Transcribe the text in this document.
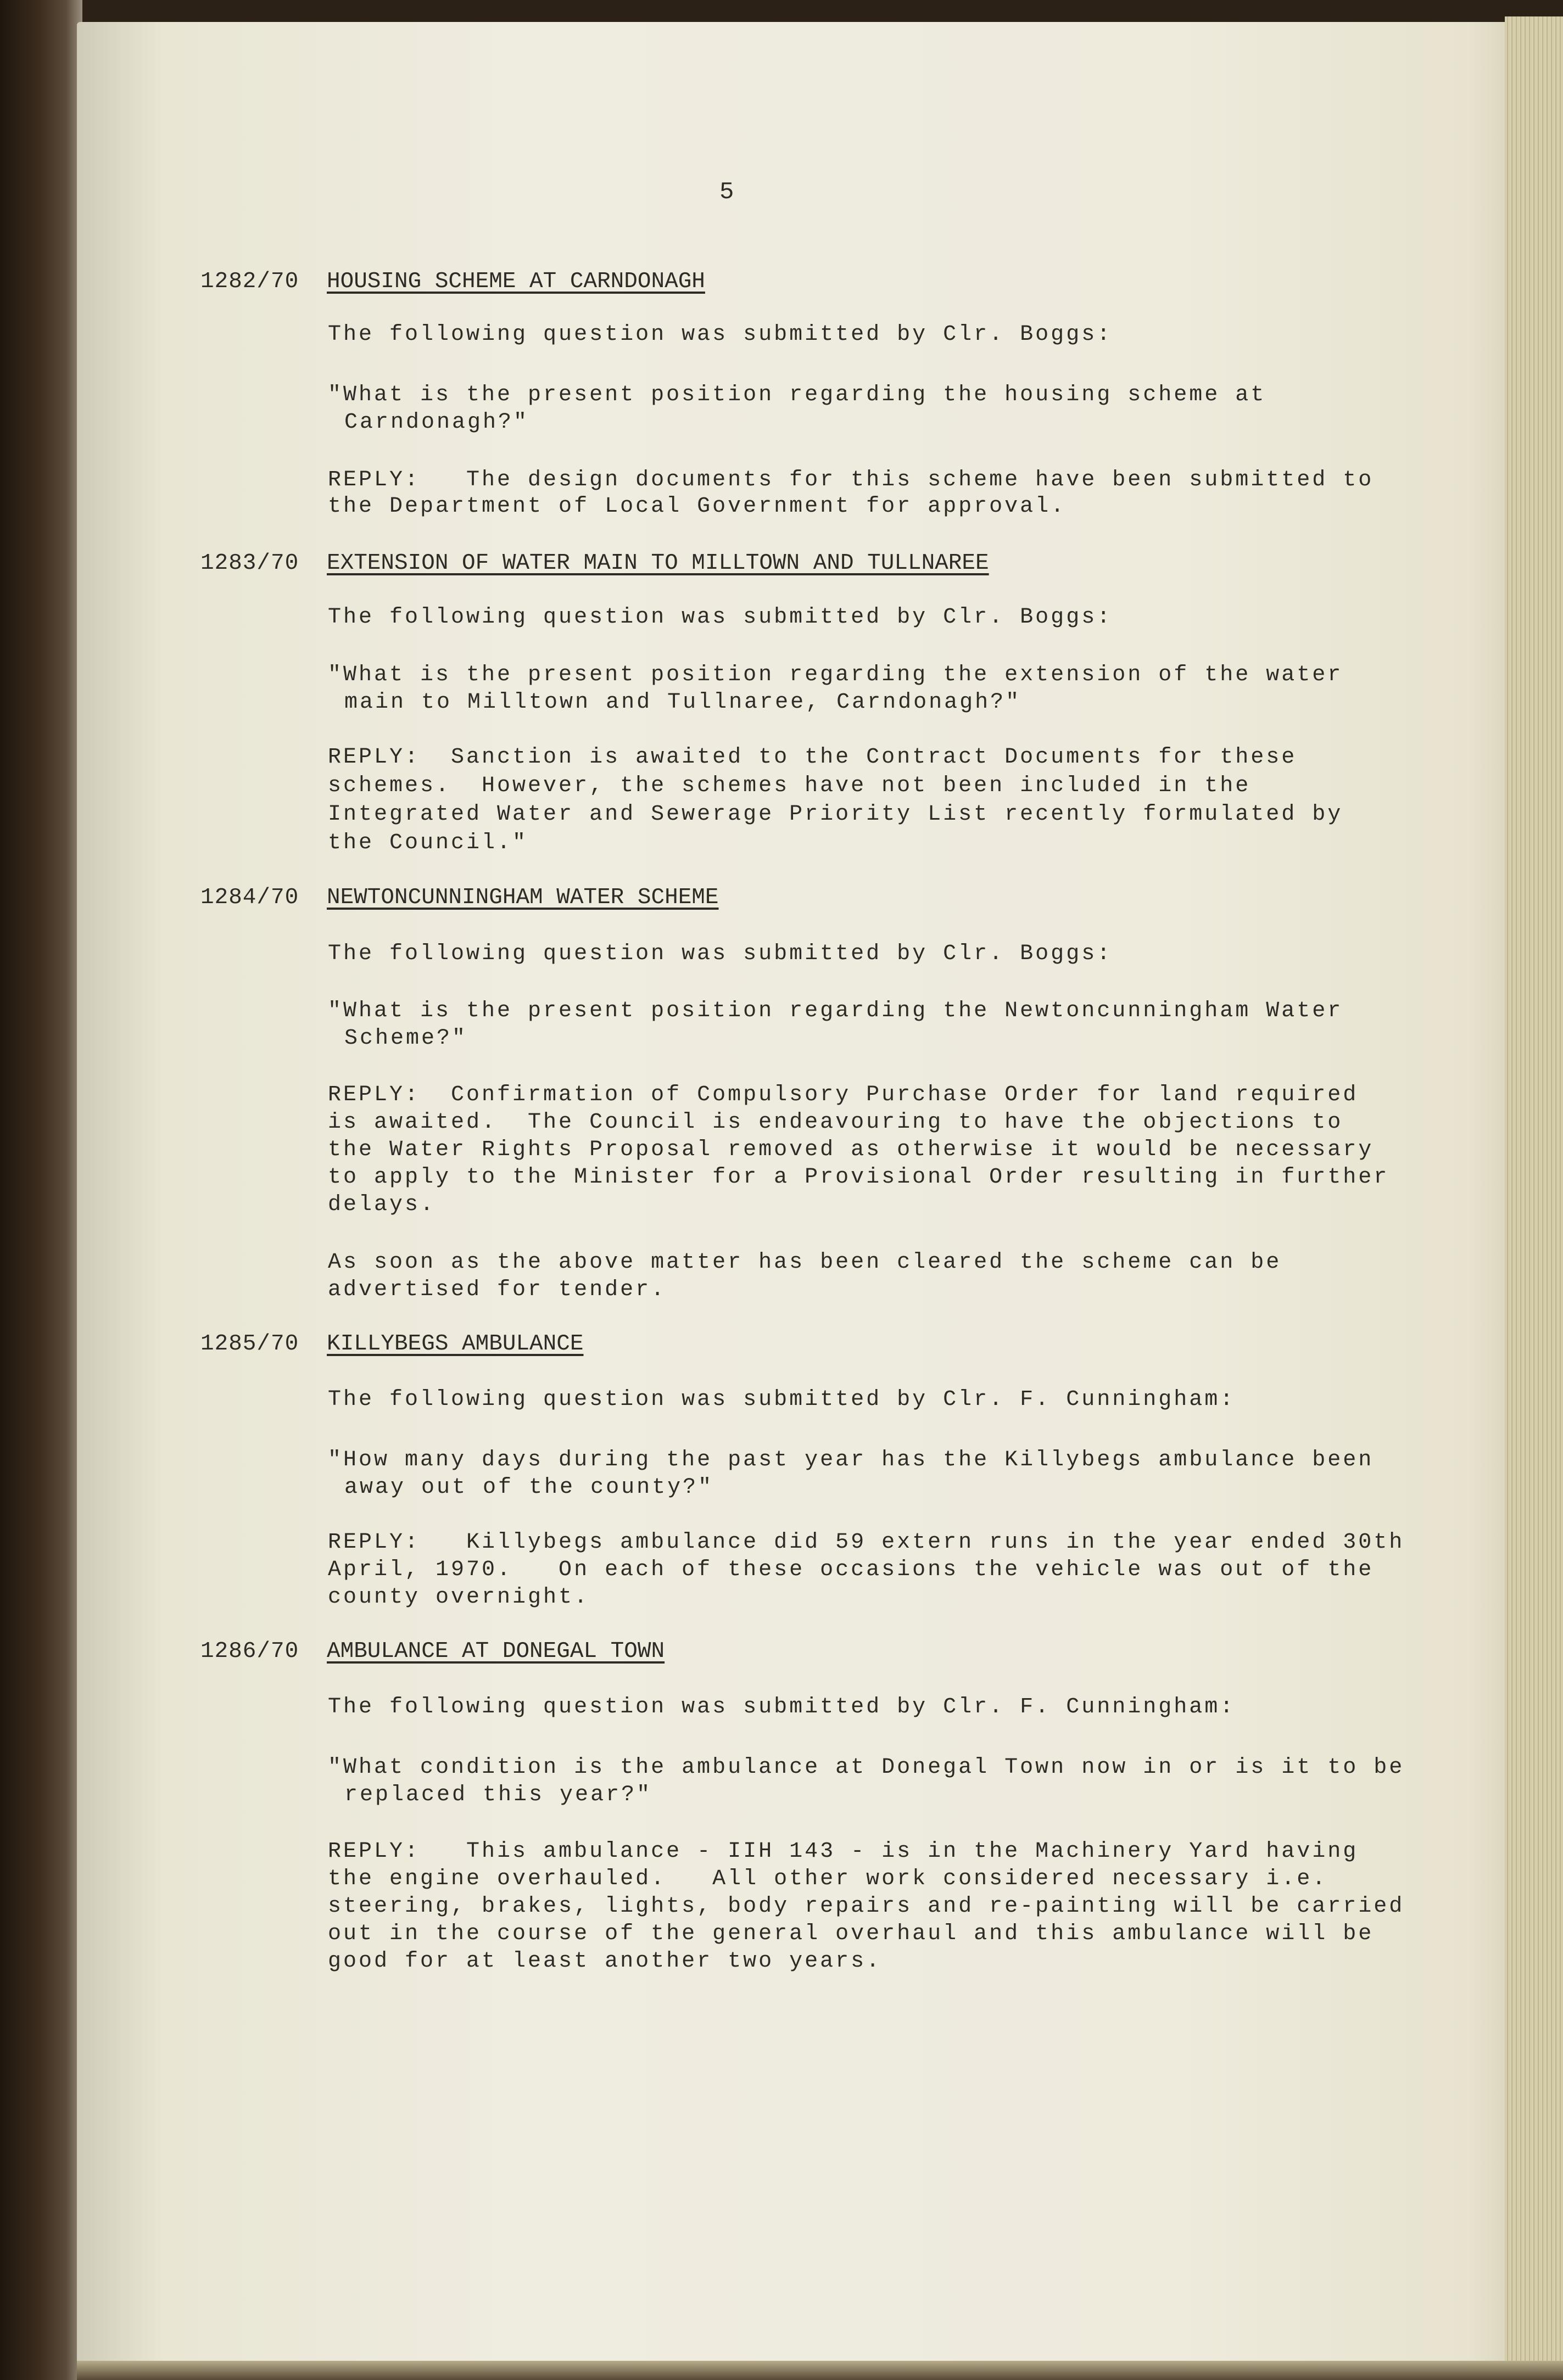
5
1282/70 HOUSING SCHEME AT CARNDONAGH
The following question was submitted by Clr. Boggs:
"What is the present position regarding the housing scheme at
Carndonagh?"
REPLY:   The design documents for this scheme have been submitted to
the Department of Local Government for approval.
1283/70 EXTENSION OF WATER MAIN TO MILLTOWN AND TULLNAREE
The following question was submitted by Clr. Boggs:
"What is the present position regarding the extension of the water
main to Milltown and Tullnaree, Carndonagh?"
REPLY:  Sanction is awaited to the Contract Documents for these
schemes.  However, the schemes have not been included in the
Integrated Water and Sewerage Priority List recently formulated by
the Council."
1284/70 NEWTONCUNNINGHAM WATER SCHEME
The following question was submitted by Clr. Boggs:
"What is the present position regarding the Newtoncunningham Water
Scheme?"
REPLY:  Confirmation of Compulsory Purchase Order for land required
is awaited.  The Council is endeavouring to have the objections to
the Water Rights Proposal removed as otherwise it would be necessary
to apply to the Minister for a Provisional Order resulting in further
delays.
As soon as the above matter has been cleared the scheme can be
advertised for tender.
1285/70 KILLYBEGS AMBULANCE
The following question was submitted by Clr. F. Cunningham:
"How many days during the past year has the Killybegs ambulance been
away out of the county?"
REPLY:   Killybegs ambulance did 59 extern runs in the year ended 30th
April, 1970.   On each of these occasions the vehicle was out of the
county overnight.
1286/70 AMBULANCE AT DONEGAL TOWN
The following question was submitted by Clr. F. Cunningham:
"What condition is the ambulance at Donegal Town now in or is it to be
replaced this year?"
REPLY:   This ambulance - IIH 143 - is in the Machinery Yard having
the engine overhauled.   All other work considered necessary i.e.
steering, brakes, lights, body repairs and re-painting will be carried
out in the course of the general overhaul and this ambulance will be
good for at least another two years.
